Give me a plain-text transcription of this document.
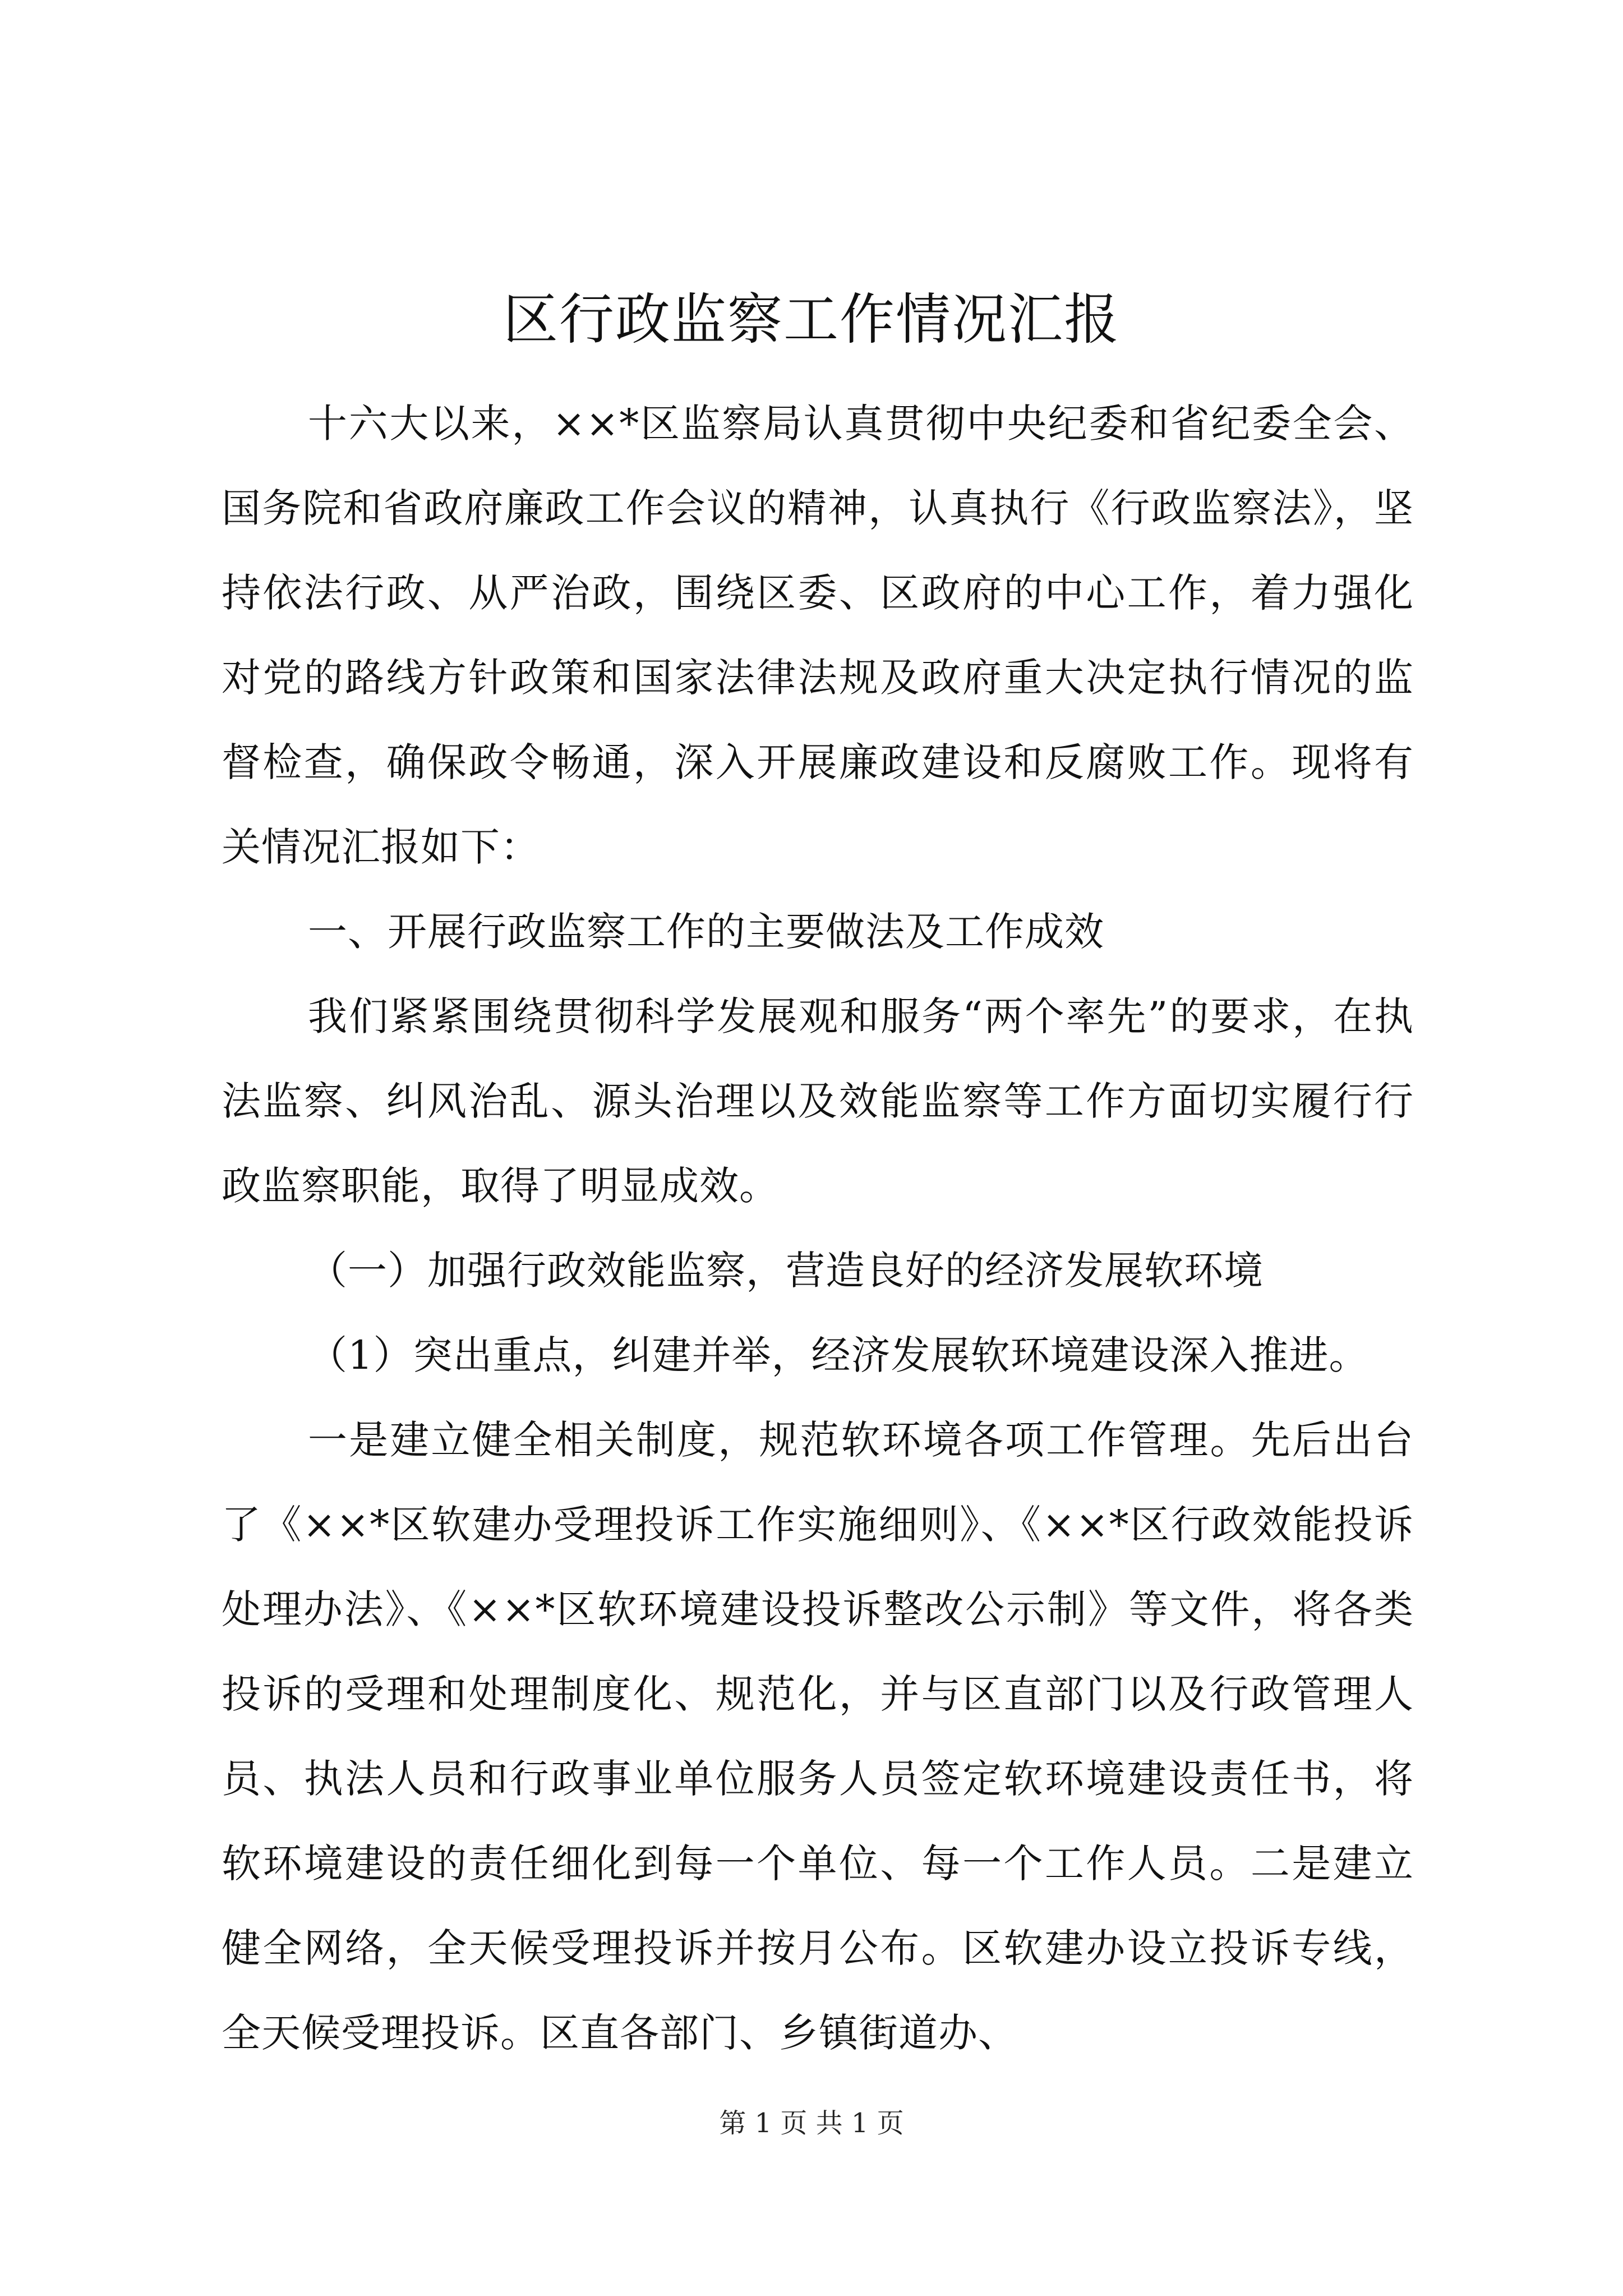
区行政监察工作情况汇报

十六大以来，××*区监察局认真贯彻中央纪委和省纪委全会、国务院和省政府廉政工作会议的精神，认真执行《行政监察法》，坚持依法行政、从严治政，围绕区委、区政府的中心工作，着力强化对党的路线方针政策和国家法律法规及政府重大决定执行情况的监督检查，确保政令畅通，深入开展廉政建设和反腐败工作。现将有关情况汇报如下：

一、开展行政监察工作的主要做法及工作成效

我们紧紧围绕贯彻科学发展观和服务“两个率先”的要求，在执法监察、纠风治乱、源头治理以及效能监察等工作方面切实履行行政监察职能，取得了明显成效。

（一）加强行政效能监察，营造良好的经济发展软环境

（1）突出重点，纠建并举，经济发展软环境建设深入推进。

一是建立健全相关制度，规范软环境各项工作管理。先后出台了《××*区软建办受理投诉工作实施细则》、《××*区行政效能投诉处理办法》、《××*区软环境建设投诉整改公示制》等文件，将各类投诉的受理和处理制度化、规范化，并与区直部门以及行政管理人员、执法人员和行政事业单位服务人员签定软环境建设责任书，将软环境建设的责任细化到每一个单位、每一个工作人员。二是建立健全网络，全天候受理投诉并按月公布。区软建办设立投诉专线，全天候受理投诉。区直各部门、乡镇街道办、

第 1 页 共 1 页
